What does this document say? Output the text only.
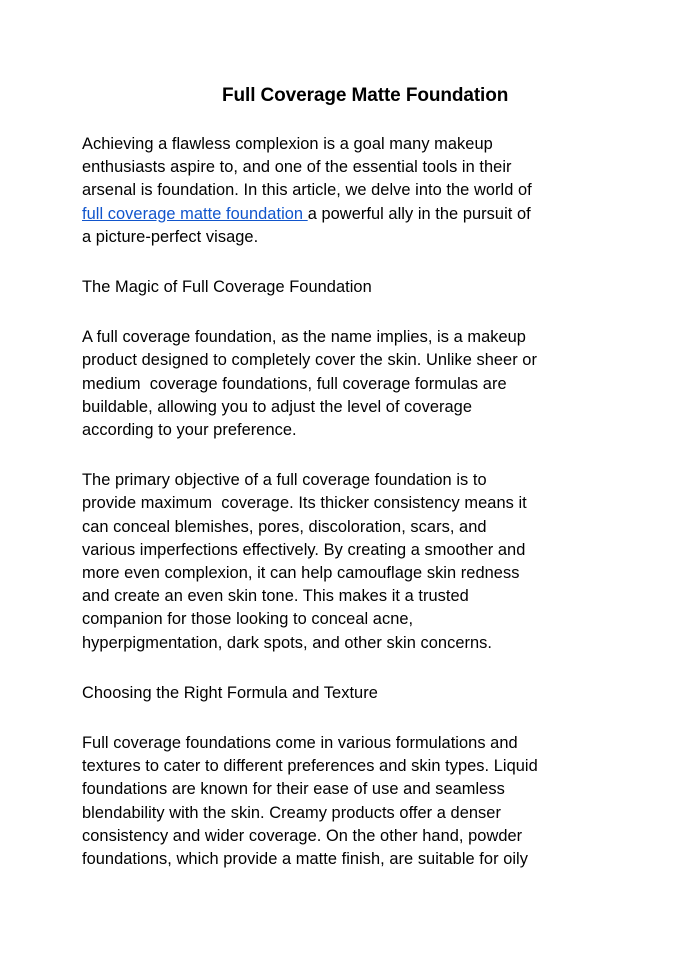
Full Coverage Matte Foundation

Achieving a flawless complexion is a goal many makeup
enthusiasts aspire to, and one of the essential tools in their
arsenal is foundation. In this article, we delve into the world of
full coverage matte foundation a powerful ally in the pursuit of
a picture-perfect visage.

The Magic of Full Coverage Foundation

A full coverage foundation, as the name implies, is a makeup
product designed to completely cover the skin. Unlike sheer or
medium  coverage foundations, full coverage formulas are
buildable, allowing you to adjust the level of coverage
according to your preference.

The primary objective of a full coverage foundation is to
provide maximum  coverage. Its thicker consistency means it
can conceal blemishes, pores, discoloration, scars, and
various imperfections effectively. By creating a smoother and
more even complexion, it can help camouflage skin redness
and create an even skin tone. This makes it a trusted
companion for those looking to conceal acne,
hyperpigmentation, dark spots, and other skin concerns.

Choosing the Right Formula and Texture

Full coverage foundations come in various formulations and
textures to cater to different preferences and skin types. Liquid
foundations are known for their ease of use and seamless
blendability with the skin. Creamy products offer a denser
consistency and wider coverage. On the other hand, powder
foundations, which provide a matte finish, are suitable for oily
